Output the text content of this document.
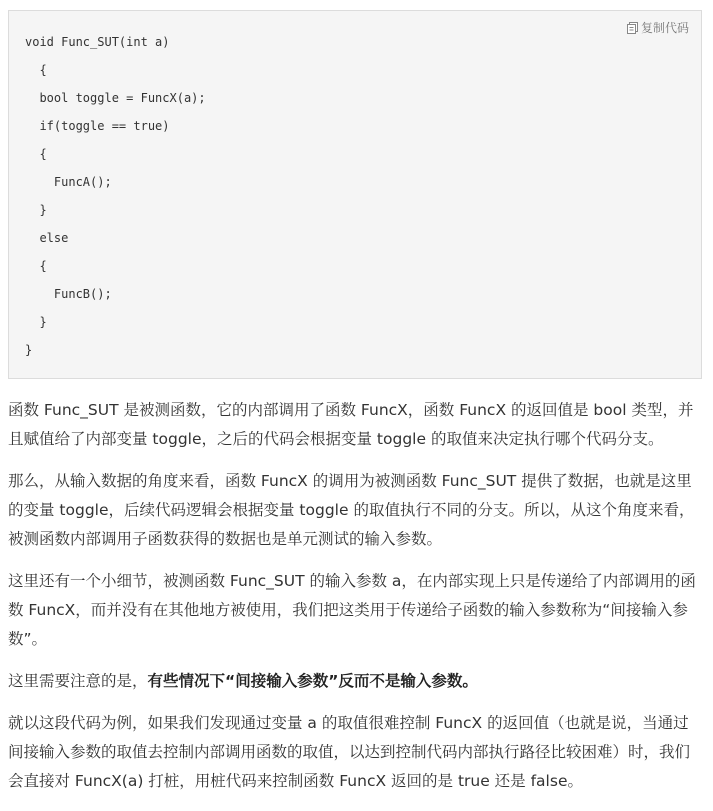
复制代码
void Func_SUT(int a)
{
bool toggle = FuncX(a);
if(toggle == true)
{
FuncA();
}
else
{
FuncB();
}
}

函数 Func_SUT 是被测函数，它的内部调用了函数 FuncX，函数 FuncX 的返回值是 bool 类型，并且赋值给了内部变量 toggle，之后的代码会根据变量 toggle 的取值来决定执行哪个代码分支。

那么，从输入数据的角度来看，函数 FuncX 的调用为被测函数 Func_SUT 提供了数据，也就是这里的变量 toggle，后续代码逻辑会根据变量 toggle 的取值执行不同的分支。所以，从这个角度来看，被测函数内部调用子函数获得的数据也是单元测试的输入参数。

这里还有一个小细节，被测函数 Func_SUT 的输入参数 a，在内部实现上只是传递给了内部调用的函数 FuncX，而并没有在其他地方被使用，我们把这类用于传递给子函数的输入参数称为“间接输入参数”。

这里需要注意的是，有些情况下“间接输入参数”反而不是输入参数。

就以这段代码为例，如果我们发现通过变量 a 的取值很难控制 FuncX 的返回值（也就是说，当通过间接输入参数的取值去控制内部调用函数的取值，以达到控制代码内部执行路径比较困难）时，我们会直接对 FuncX(a) 打桩，用桩代码来控制函数 FuncX 返回的是 true 还是 false。
